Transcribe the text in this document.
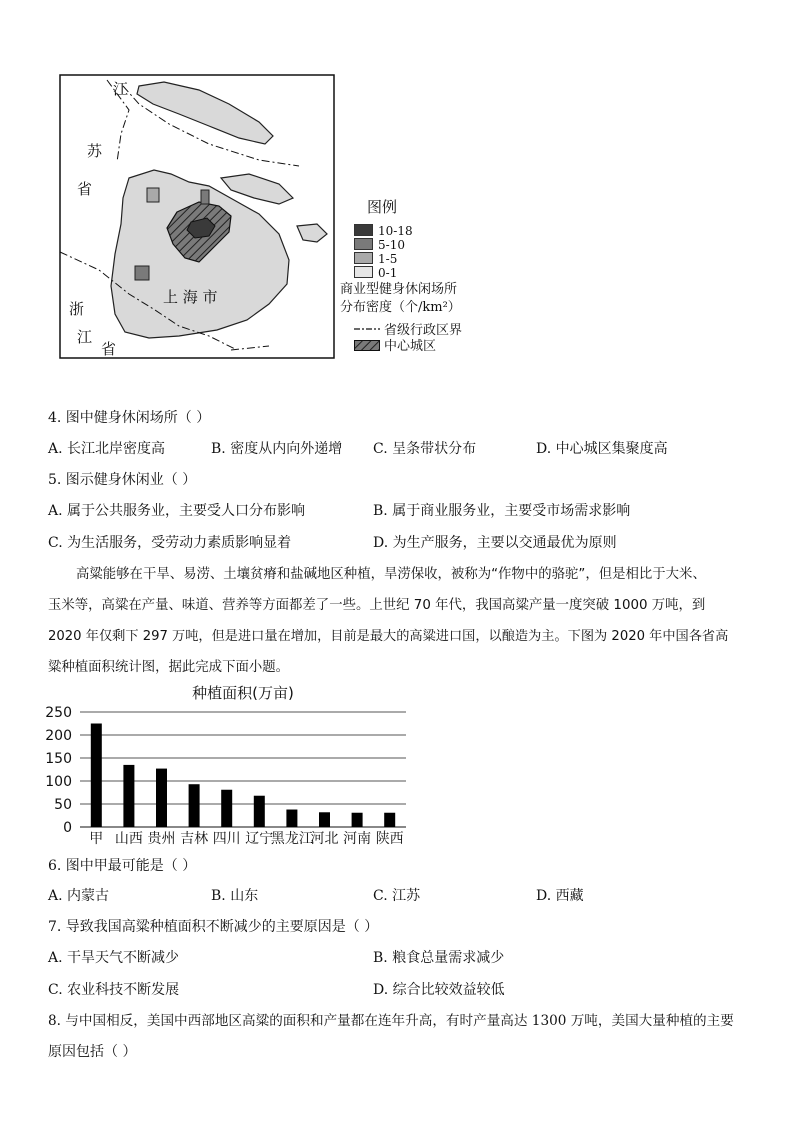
江
苏
省
上 海 市
浙
江
省
图例
10-18
5-10
1-5
0-1
商业型健身休闲场所
分布密度（个/km²）
省级行政区界
中心城区
4. 图中健身休闲场所（ ）
A. 长江北岸密度高	B. 密度从内向外递增 C. 呈条带状分布	D. 中心城区集聚度高
5. 图示健身休闲业（ ）
A. 属于公共服务业，主要受人口分布影响	B. 属于商业服务业，主要受市场需求影响
C. 为生活服务，受劳动力素质影响显着	D. 为生产服务，主要以交通最优为原则
高粱能够在干旱、易涝、土壤贫瘠和盐碱地区种植，旱涝保收，被称为“作物中的骆驼”，但是相比于大米、
玉米等，高粱在产量、味道、营养等方面都差了一些。上世纪 70 年代，我国高粱产量一度突破 1000 万吨，到
2020 年仅剩下 297 万吨，但是进口量在增加，目前是最大的高粱进口国，以酿造为主。下图为 2020 年中国各省高
粱种植面积统计图，据此完成下面小题。
种植面积(万亩)
250
200
150
100
50
0
甲 山西 贵州 吉林 四川 辽宁
黑龙江
河北 河南 陕西
6. 图中甲最可能是（ ）
A. 内蒙古	B. 山东	C. 江苏	D. 西藏
7. 导致我国高粱种植面积不断减少的主要原因是（ ）
A. 干旱天气不断减少	B. 粮食总量需求减少
C. 农业科技不断发展	D. 综合比较效益较低
8. 与中国相反，美国中西部地区高粱的面积和产量都在连年升高，有时产量高达 1300 万吨，美国大量种植的主要
原因包括（ ）
